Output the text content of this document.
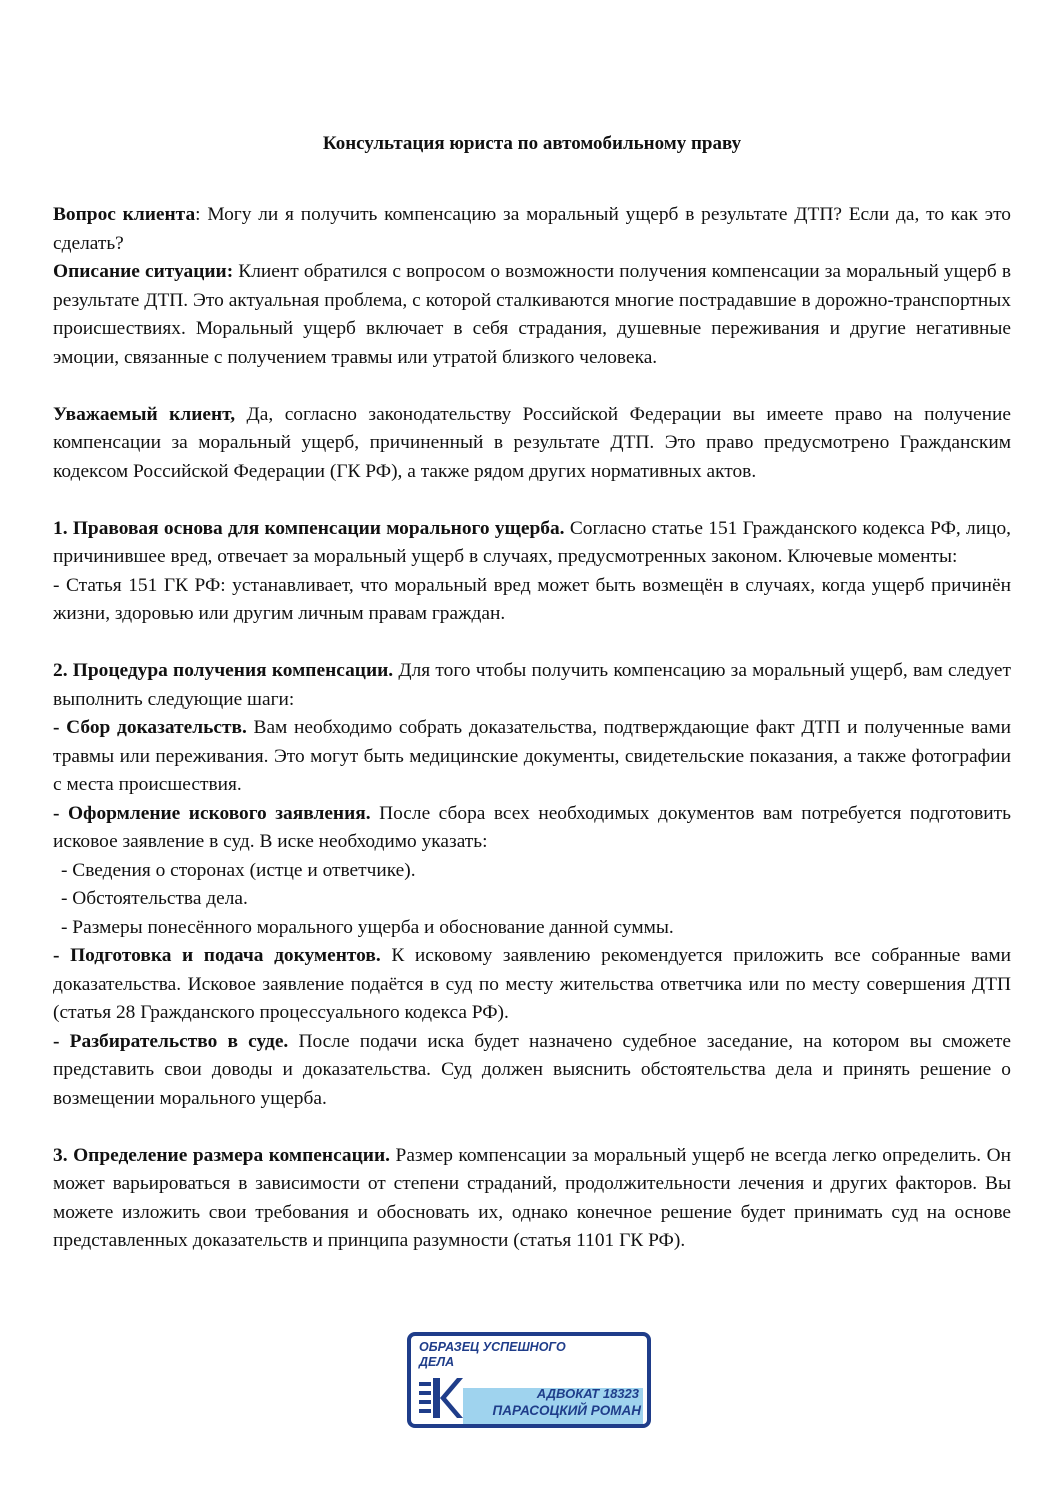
Консультация юриста по автомобильному праву

Вопрос клиента: Могу ли я получить компенсацию за моральный ущерб в результате ДТП? Если да, то как это сделать?

Описание ситуации: Клиент обратился с вопросом о возможности получения компенсации за моральный ущерб в результате ДТП. Это актуальная проблема, с которой сталкиваются многие пострадавшие в дорожно-транспортных происшествиях. Моральный ущерб включает в себя страдания, душевные переживания и другие негативные эмоции, связанные с получением травмы или утратой близкого человека.

Уважаемый клиент, Да, согласно законодательству Российской Федерации вы имеете право на получение компенсации за моральный ущерб, причиненный в результате ДТП. Это право предусмотрено Гражданским кодексом Российской Федерации (ГК РФ), а также рядом других нормативных актов.

1. Правовая основа для компенсации морального ущерба. Согласно статье 151 Гражданского кодекса РФ, лицо, причинившее вред, отвечает за моральный ущерб в случаях, предусмотренных законом. Ключевые моменты:

- Статья 151 ГК РФ: устанавливает, что моральный вред может быть возмещён в случаях, когда ущерб причинён жизни, здоровью или другим личным правам граждан.

2. Процедура получения компенсации. Для того чтобы получить компенсацию за моральный ущерб, вам следует выполнить следующие шаги:

- Сбор доказательств. Вам необходимо собрать доказательства, подтверждающие факт ДТП и полученные вами травмы или переживания. Это могут быть медицинские документы, свидетельские показания, а также фотографии с места происшествия.

- Оформление искового заявления. После сбора всех необходимых документов вам потребуется подготовить исковое заявление в суд. В иске необходимо указать:

- Сведения о сторонах (истце и ответчике).

- Обстоятельства дела.

- Размеры понесённого морального ущерба и обоснование данной суммы.

- Подготовка и подача документов. К исковому заявлению рекомендуется приложить все собранные вами доказательства. Исковое заявление подаётся в суд по месту жительства ответчика или по месту совершения ДТП (статья 28 Гражданского процессуального кодекса РФ).

- Разбирательство в суде. После подачи иска будет назначено судебное заседание, на котором вы сможете представить свои доводы и доказательства. Суд должен выяснить обстоятельства дела и принять решение о возмещении морального ущерба.

3. Определение размера компенсации. Размер компенсации за моральный ущерб не всегда легко определить. Он может варьироваться в зависимости от степени страданий, продолжительности лечения и других факторов. Вы можете изложить свои требования и обосновать их, однако конечное решение будет принимать суд на основе представленных доказательств и принципа разумности (статья 1101 ГК РФ).

ОБРАЗЕЦ УСПЕШНОГО ДЕЛА
АДВОКАТ 18323
ПАРАСОЦКИЙ РОМАН
